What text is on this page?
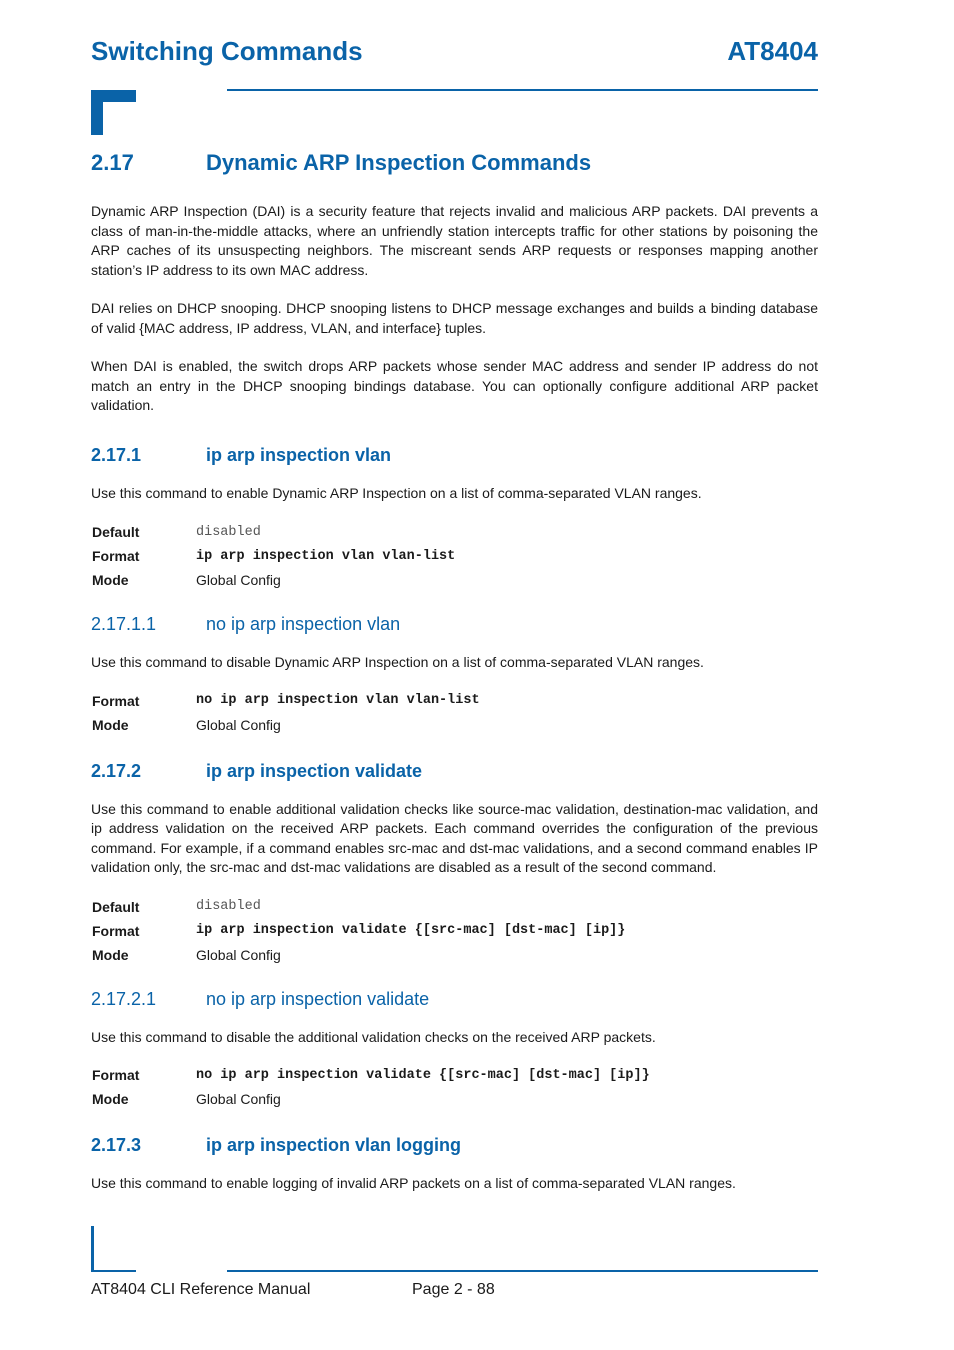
Switching Commands	AT8404
2.17	Dynamic ARP Inspection Commands

Dynamic ARP Inspection (DAI) is a security feature that rejects invalid and malicious ARP packets. DAI prevents a class of man-in-the-middle attacks, where an unfriendly station intercepts traffic for other stations by poisoning the ARP caches of its unsuspecting neighbors. The miscreant sends ARP requests or responses mapping another station’s IP address to its own MAC address.

DAI relies on DHCP snooping. DHCP snooping listens to DHCP message exchanges and builds a binding database of valid {MAC address, IP address, VLAN, and interface} tuples.

When DAI is enabled, the switch drops ARP packets whose sender MAC address and sender IP address do not match an entry in the DHCP snooping bindings database. You can optionally configure additional ARP packet validation.

2.17.1	ip arp inspection vlan

Use this command to enable Dynamic ARP Inspection on a list of comma-separated VLAN ranges.

Default	disabled
Format	ip arp inspection vlan vlan-list
Mode	Global Config
2.17.1.1	no ip arp inspection vlan

Use this command to disable Dynamic ARP Inspection on a list of comma-separated VLAN ranges.

Format	no ip arp inspection vlan vlan-list
Mode	Global Config
2.17.2	ip arp inspection validate

Use this command to enable additional validation checks like source-mac validation, destination-mac validation, and ip address validation on the received ARP packets. Each command overrides the configuration of the previous command. For example, if a command enables src-mac and dst-mac validations, and a second command enables IP validation only, the src-mac and dst-mac validations are disabled as a result of the second command.

Default	disabled
Format	ip arp inspection validate {[src-mac] [dst-mac] [ip]}
Mode	Global Config
2.17.2.1	no ip arp inspection validate

Use this command to disable the additional validation checks on the received ARP packets.

Format	no ip arp inspection validate {[src-mac] [dst-mac] [ip]}
Mode	Global Config
2.17.3	ip arp inspection vlan logging

Use this command to enable logging of invalid ARP packets on a list of comma-separated VLAN ranges.

AT8404 CLI Reference Manual	Page 2 - 88
